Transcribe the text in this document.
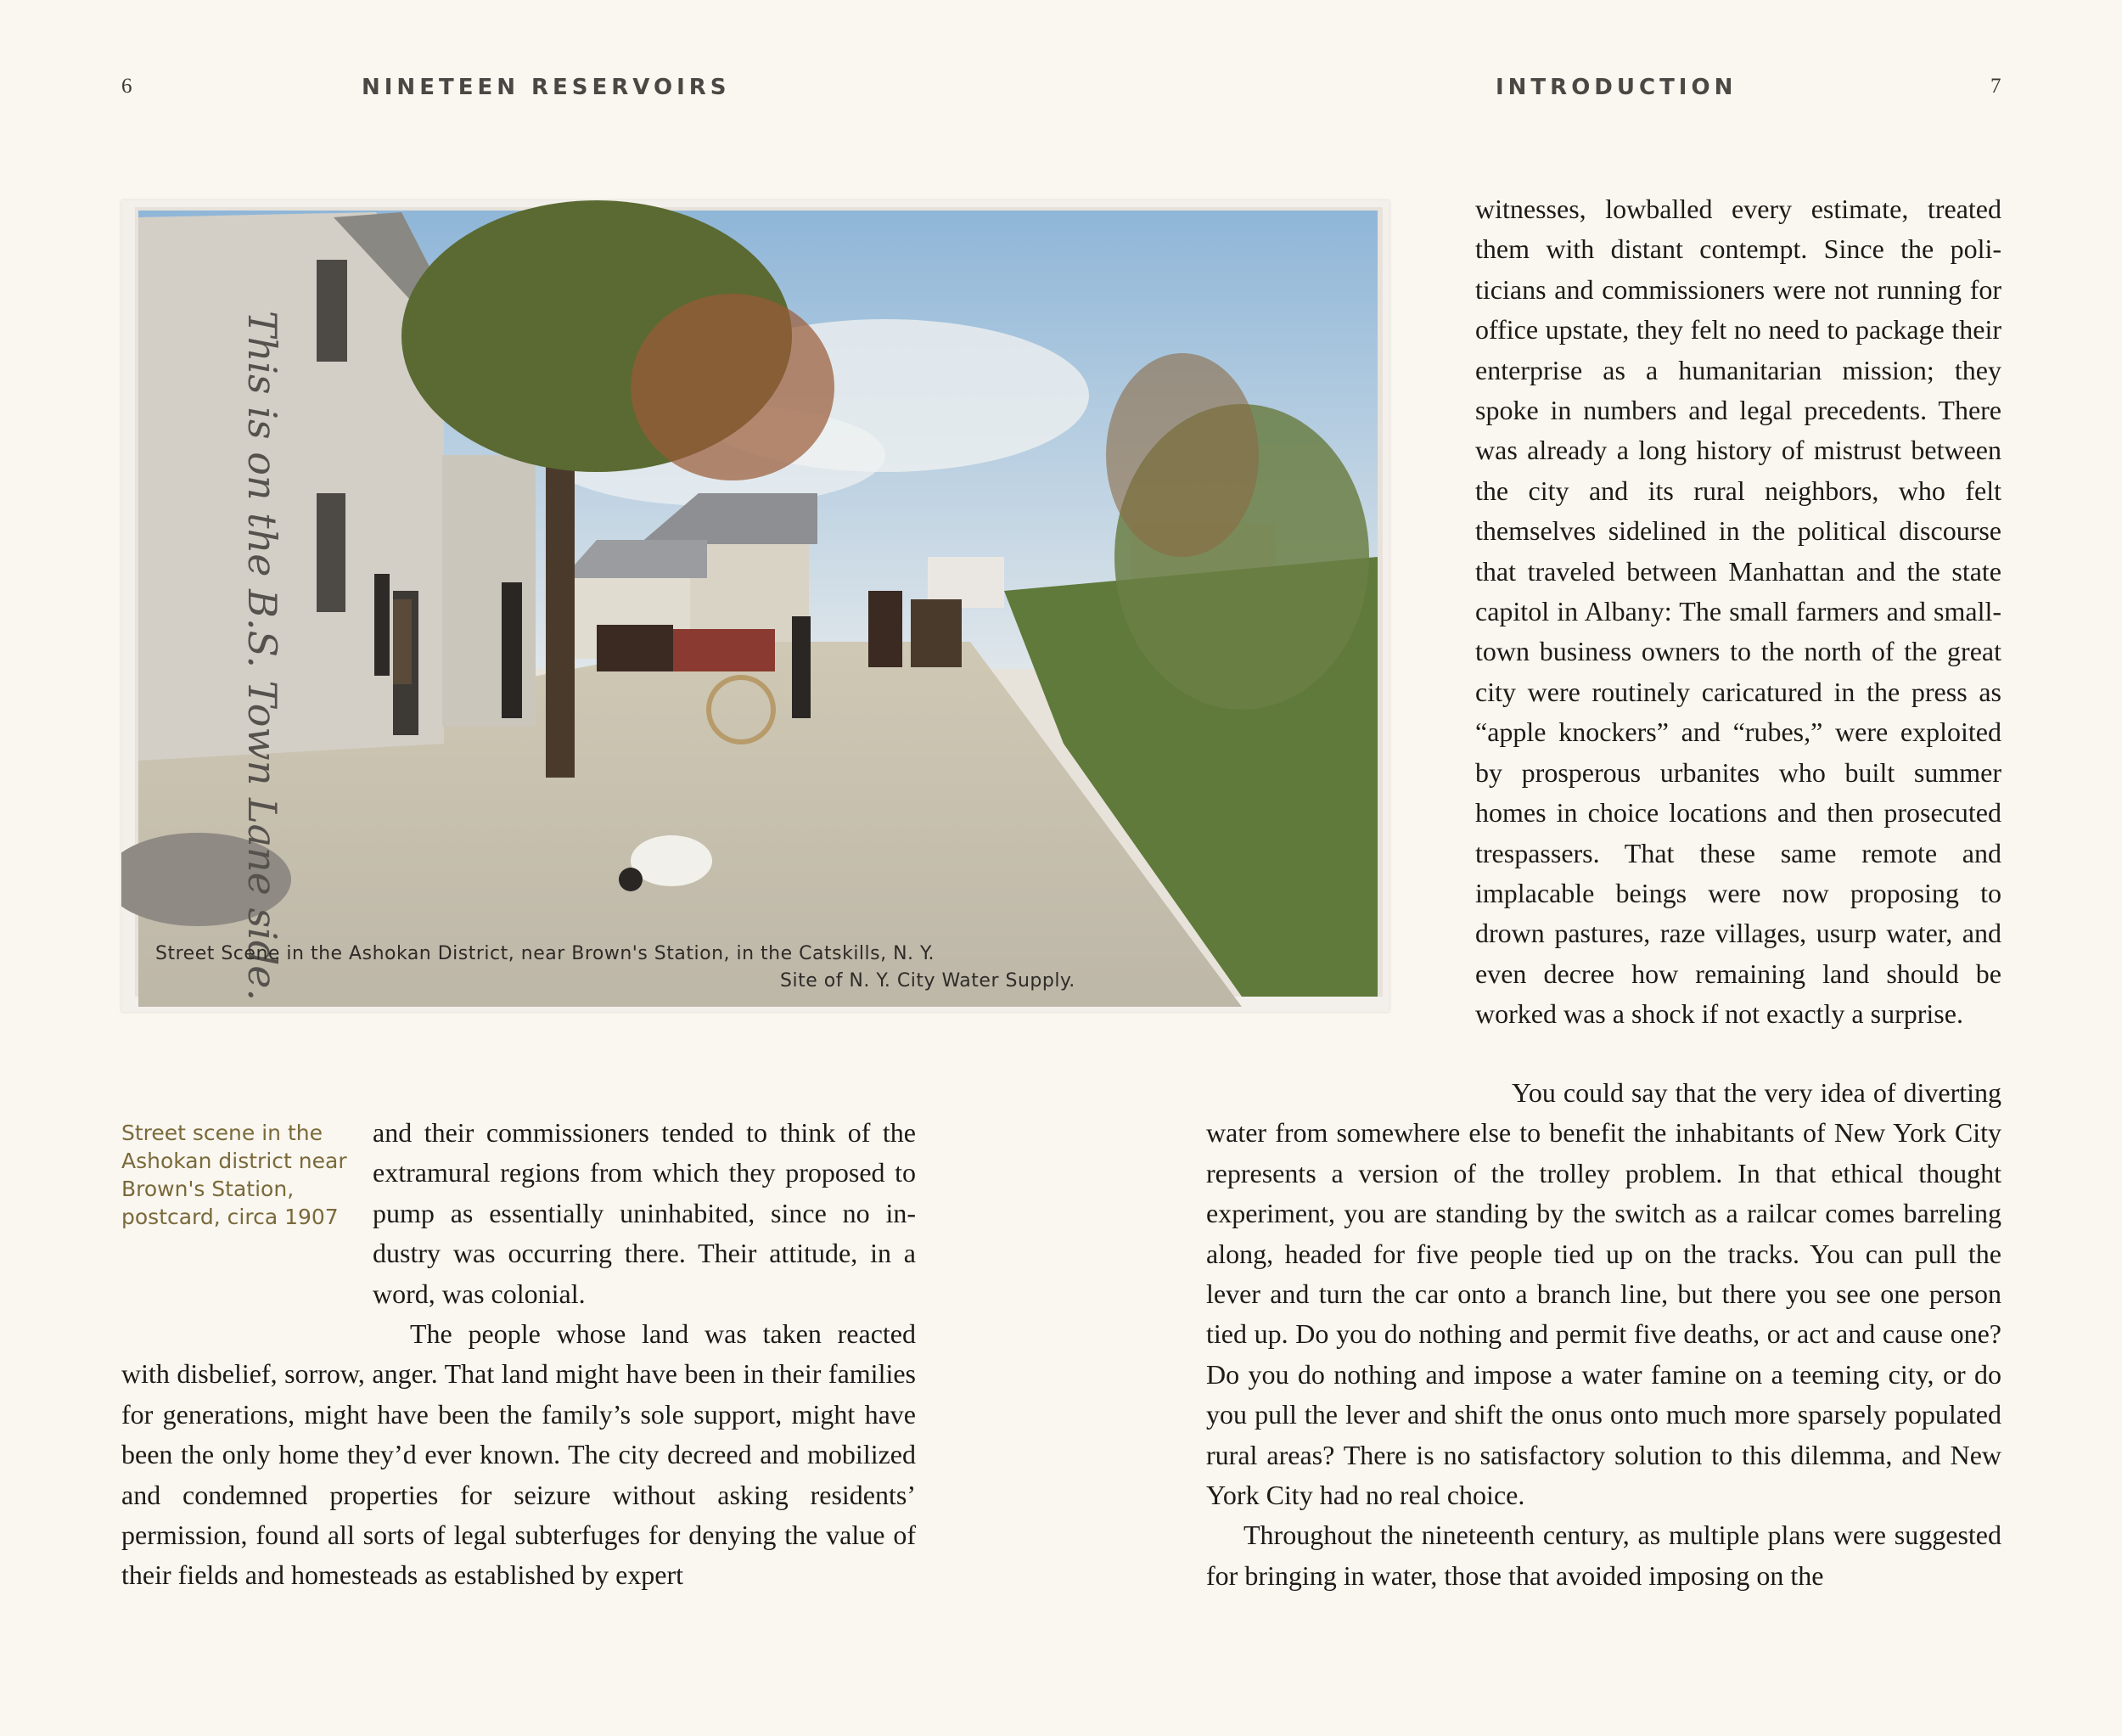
6	NINETEEN RESERVOIRS
This is on the B.S. Town Lane side.
Street Scene in the Ashokan District, near Brown's Station, in the Catskills, N. Y.
Site of N. Y. City Water Supply.
Street scene in the Ashokan district near Brown's Station, postcard, circa 1907

and their commissioners tended to think of the extramural regions from which they proposed to pump as essentially uninhabited, since no industry was occurring there. Their attitude, in a word, was colonial.

The people whose land was taken reacted with disbelief, sorrow, anger. That land might have been in their families for generations, might have been the family’s sole support, might have been the only home they’d ever known. The city decreed and mobilized and condemned properties for seizure without asking residents’ permission, found all sorts of legal subterfuges for denying the value of their fields and homesteads as established by expert

INTRODUCTION	7

witnesses, lowballed every estimate, treated them with distant contempt. Since the politicians and commissioners were not running for office upstate, they felt no need to package their enterprise as a humanitarian mission; they spoke in numbers and legal precedents. There was already a long history of mistrust between the city and its rural neighbors, who felt themselves sidelined in the political discourse that traveled between Manhattan and the state capitol in Albany: The small farmers and small-town business owners to the north of the great city were routinely caricatured in the press as “apple knockers” and “rubes,” were exploited by prosperous urbanites who built summer homes in choice locations and then prosecuted trespassers. That these same remote and implacable beings were now proposing to drown pastures, raze villages, usurp water, and even decree how remaining land should be worked was a shock if not exactly a surprise.

You could say that the very idea of diverting water from somewhere else to benefit the inhabitants of New York City represents a version of the trolley problem. In that ethical thought experiment, you are standing by the switch as a railcar comes barreling along, headed for five people tied up on the tracks. You can pull the lever and turn the car onto a branch line, but there you see one person tied up. Do you do nothing and permit five deaths, or act and cause one? Do you do nothing and impose a water famine on a teeming city, or do you pull the lever and shift the onus onto much more sparsely populated rural areas? There is no satisfactory solution to this dilemma, and New York City had no real choice.

Throughout the nineteenth century, as multiple plans were suggested for bringing in water, those that avoided imposing on the
